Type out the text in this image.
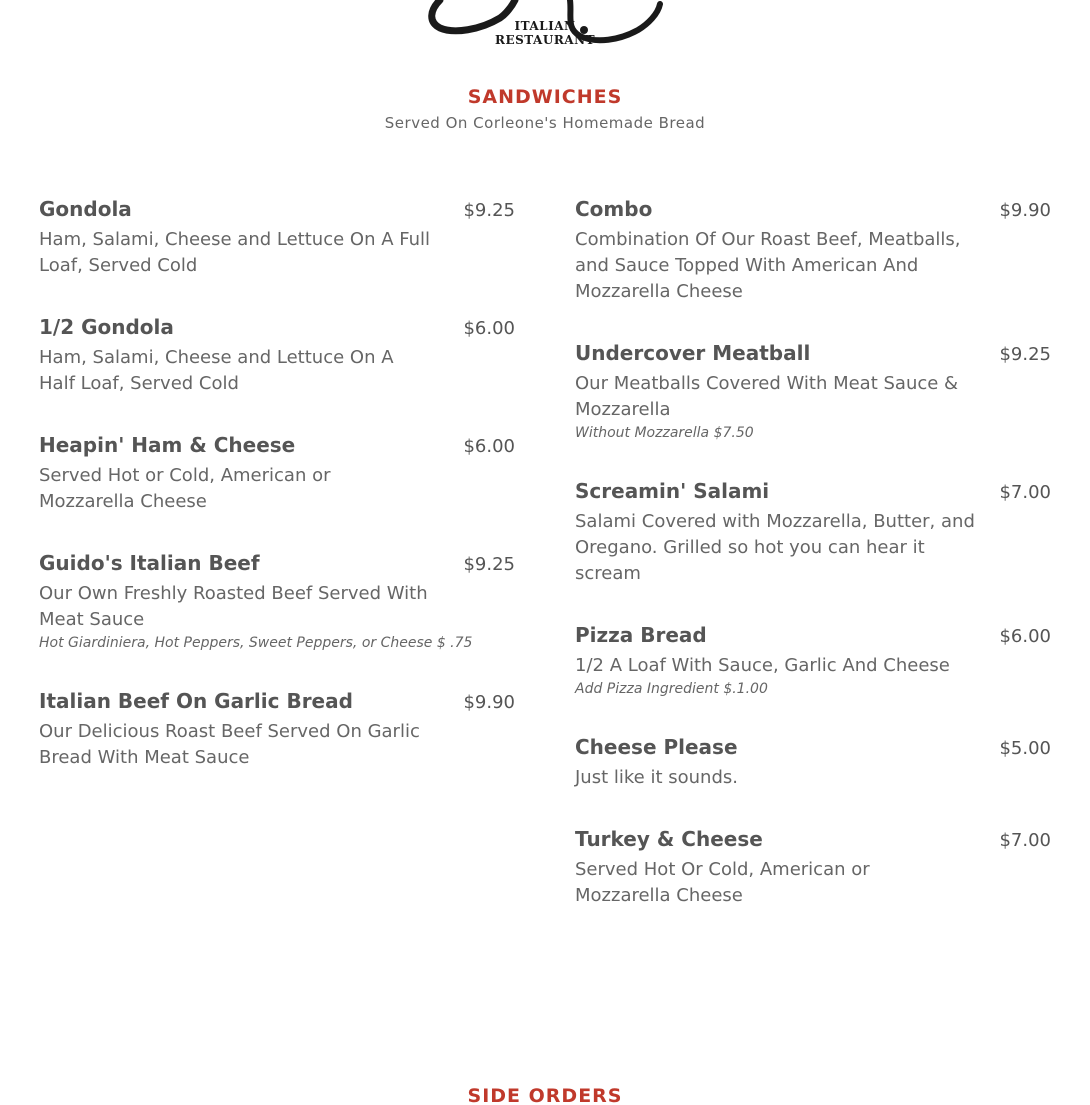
ITALIAN
RESTAURANT
SANDWICHES
Served On Corleone's Homemade Bread
Gondola	$9.25
Ham, Salami, Cheese and Lettuce On A Full Loaf, Served Cold
1/2 Gondola	$6.00
Ham, Salami, Cheese and Lettuce On A Half Loaf, Served Cold
Heapin' Ham & Cheese	$6.00
Served Hot or Cold, American or Mozzarella Cheese
Guido's Italian Beef	$9.25
Our Own Freshly Roasted Beef Served With Meat Sauce
Hot Giardiniera, Hot Peppers, Sweet Peppers, or Cheese $ .75
Italian Beef On Garlic Bread	$9.90
Our Delicious Roast Beef Served On Garlic Bread With Meat Sauce
Combo	$9.90
Combination Of Our Roast Beef, Meatballs, and Sauce Topped With American And Mozzarella Cheese
Undercover Meatball	$9.25
Our Meatballs Covered With Meat Sauce & Mozzarella
Without Mozzarella $7.50
Screamin' Salami	$7.00
Salami Covered with Mozzarella, Butter, and Oregano. Grilled so hot you can hear it scream
Pizza Bread	$6.00
1/2 A Loaf With Sauce, Garlic And Cheese
Add Pizza Ingredient $.1.00
Cheese Please	$5.00
Just like it sounds.
Turkey & Cheese	$7.00
Served Hot Or Cold, American or Mozzarella Cheese
SIDE ORDERS
